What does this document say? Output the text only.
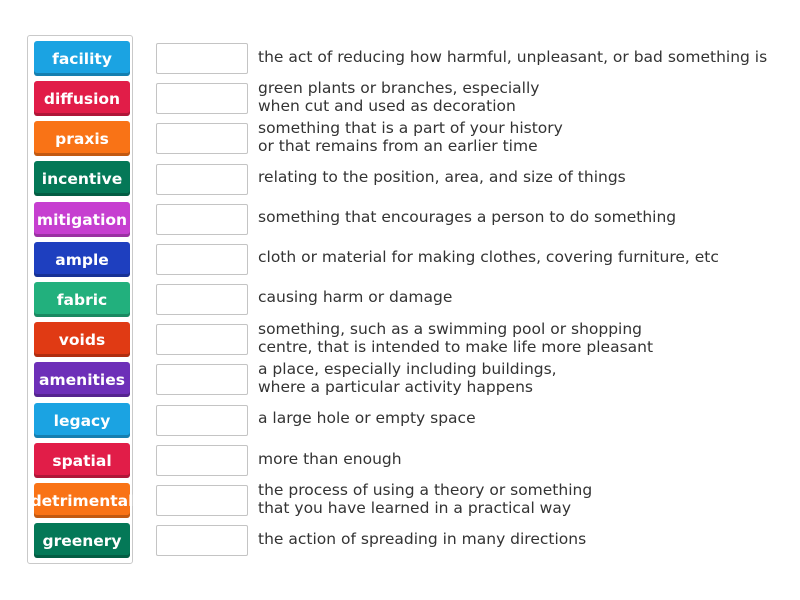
facility
diffusion
praxis
incentive
mitigation
ample
fabric
voids
amenities
legacy
spatial
detrimental
greenery
the act of reducing how harmful, unpleasant, or bad something is
green plants or branches, especially
when cut and used as decoration
something that is a part of your history
or that remains from an earlier time
relating to the position, area, and size of things
something that encourages a person to do something
cloth or material for making clothes, covering furniture, etc
causing harm or damage
something, such as a swimming pool or shopping
centre, that is intended to make life more pleasant
a place, especially including buildings,
where a particular activity happens
a large hole or empty space
more than enough
the process of using a theory or something
that you have learned in a practical way
the action of spreading in many directions
